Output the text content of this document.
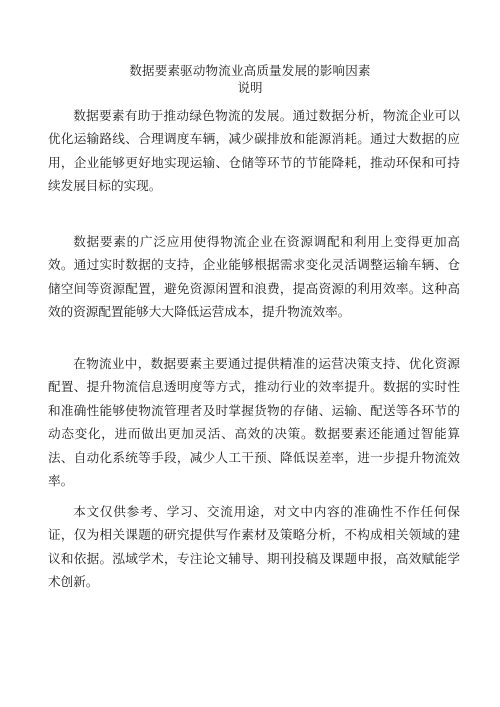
数据要素驱动物流业高质量发展的影响因素
说明

数据要素有助于推动绿色物流的发展。通过数据分析，物流企业可以优化运输路线、合理调度车辆，减少碳排放和能源消耗。通过大数据的应用，企业能够更好地实现运输、仓储等环节的节能降耗，推动环保和可持续发展目标的实现。

数据要素的广泛应用使得物流企业在资源调配和利用上变得更加高效。通过实时数据的支持，企业能够根据需求变化灵活调整运输车辆、仓储空间等资源配置，避免资源闲置和浪费，提高资源的利用效率。这种高效的资源配置能够大大降低运营成本，提升物流效率。

在物流业中，数据要素主要通过提供精准的运营决策支持、优化资源配置、提升物流信息透明度等方式，推动行业的效率提升。数据的实时性和准确性能够使物流管理者及时掌握货物的存储、运输、配送等各环节的动态变化，进而做出更加灵活、高效的决策。数据要素还能通过智能算法、自动化系统等手段，减少人工干预、降低误差率，进一步提升物流效率。

本文仅供参考、学习、交流用途，对文中内容的准确性不作任何保证，仅为相关课题的研究提供写作素材及策略分析，不构成相关领域的建议和依据。泓域学术，专注论文辅导、期刊投稿及课题申报，高效赋能学术创新。
